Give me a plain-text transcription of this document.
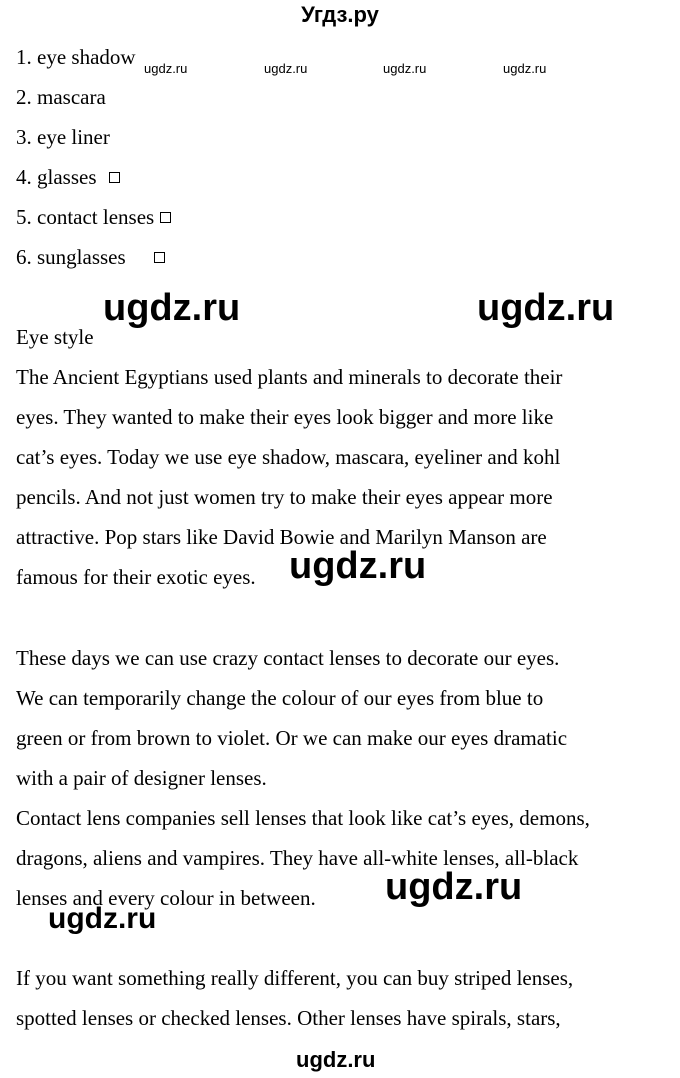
Угдз.ру
1. eye shadow
2. mascara
3. eye liner
4. glasses
5. contact lenses
6. sunglasses
Eye style
The Ancient Egyptians used plants and minerals to decorate their
eyes. They wanted to make their eyes look bigger and more like
cat’s eyes. Today we use eye shadow, mascara, eyeliner and kohl
pencils. And not just women try to make their eyes appear more
attractive. Pop stars like David Bowie and Marilyn Manson are
famous for their exotic eyes.
These days we can use crazy contact lenses to decorate our eyes.
We can temporarily change the colour of our eyes from blue to
green or from brown to violet. Or we can make our eyes dramatic
with a pair of designer lenses.
Contact lens companies sell lenses that look like cat’s eyes, demons,
dragons, aliens and vampires. They have all-white lenses, all-black
lenses and every colour in between.
If you want something really different, you can buy striped lenses,
spotted lenses or checked lenses. Other lenses have spirals, stars,
ugdz.ru	ugdz.ru	ugdz.ru	ugdz.ru
ugdz.ru	ugdz.ru
ugdz.ru
ugdz.ru
ugdz.ru
ugdz.ru
